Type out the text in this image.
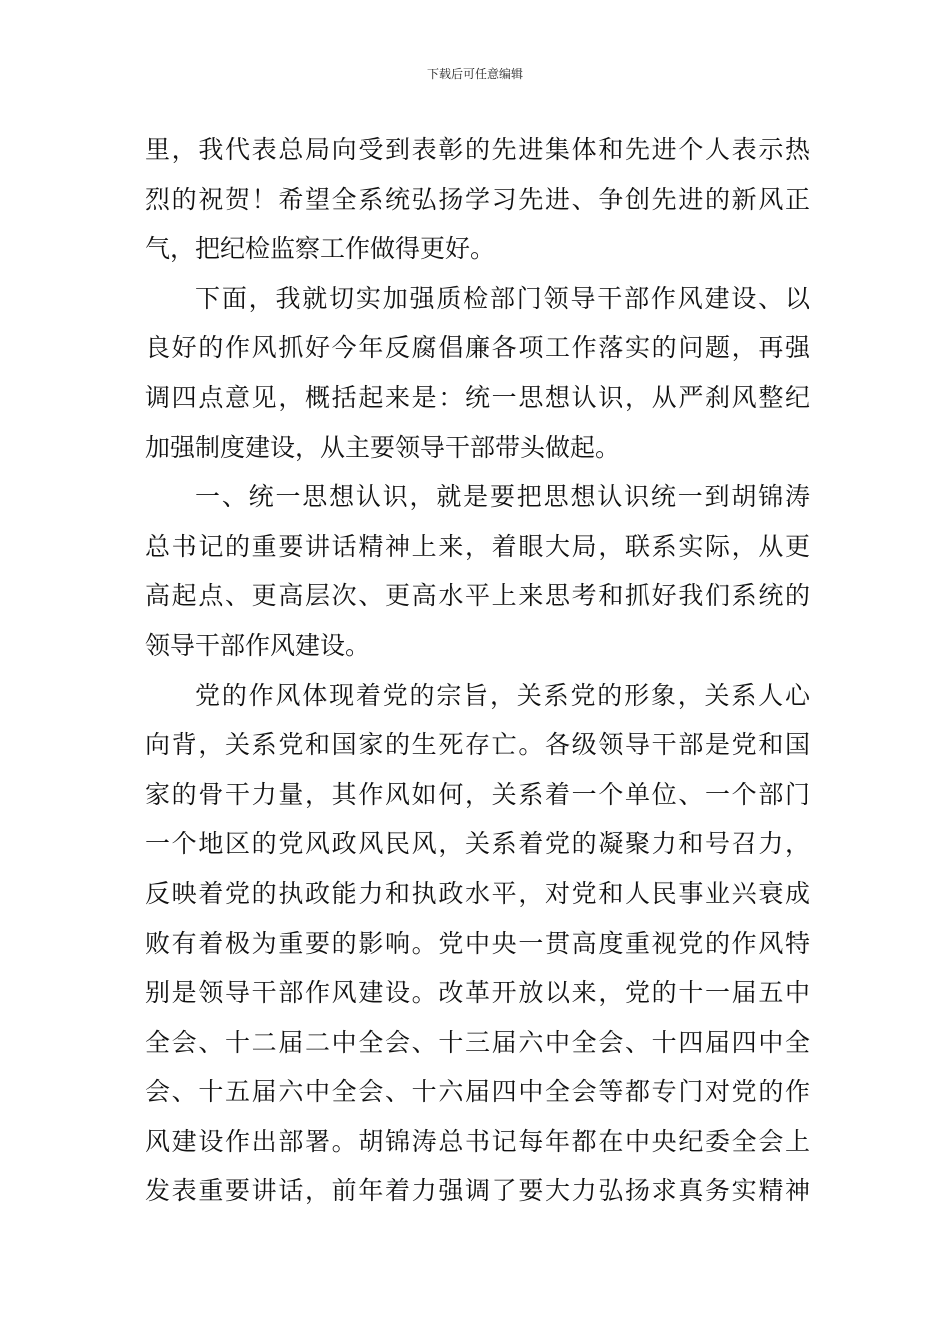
下载后可任意编辑
里，我代表总局向受到表彰的先进集体和先进个人表示热
烈的祝贺！希望全系统弘扬学习先进、争创先进的新风正
气，把纪检监察工作做得更好。
下面，我就切实加强质检部门领导干部作风建设、以
良好的作风抓好今年反腐倡廉各项工作落实的问题，再强
调四点意见，概括起来是：统一思想认识，从严刹风整纪
加强制度建设，从主要领导干部带头做起。
一、统一思想认识，就是要把思想认识统一到胡锦涛
总书记的重要讲话精神上来，着眼大局，联系实际，从更
高起点、更高层次、更高水平上来思考和抓好我们系统的
领导干部作风建设。
党的作风体现着党的宗旨，关系党的形象，关系人心
向背，关系党和国家的生死存亡。各级领导干部是党和国
家的骨干力量，其作风如何，关系着一个单位、一个部门
一个地区的党风政风民风，关系着党的凝聚力和号召力，
反映着党的执政能力和执政水平，对党和人民事业兴衰成
败有着极为重要的影响。党中央一贯高度重视党的作风特
别是领导干部作风建设。改革开放以来，党的十一届五中
全会、十二届二中全会、十三届六中全会、十四届四中全
会、十五届六中全会、十六届四中全会等都专门对党的作
风建设作出部署。胡锦涛总书记每年都在中央纪委全会上
发表重要讲话，前年着力强调了要大力弘扬求真务实精神
